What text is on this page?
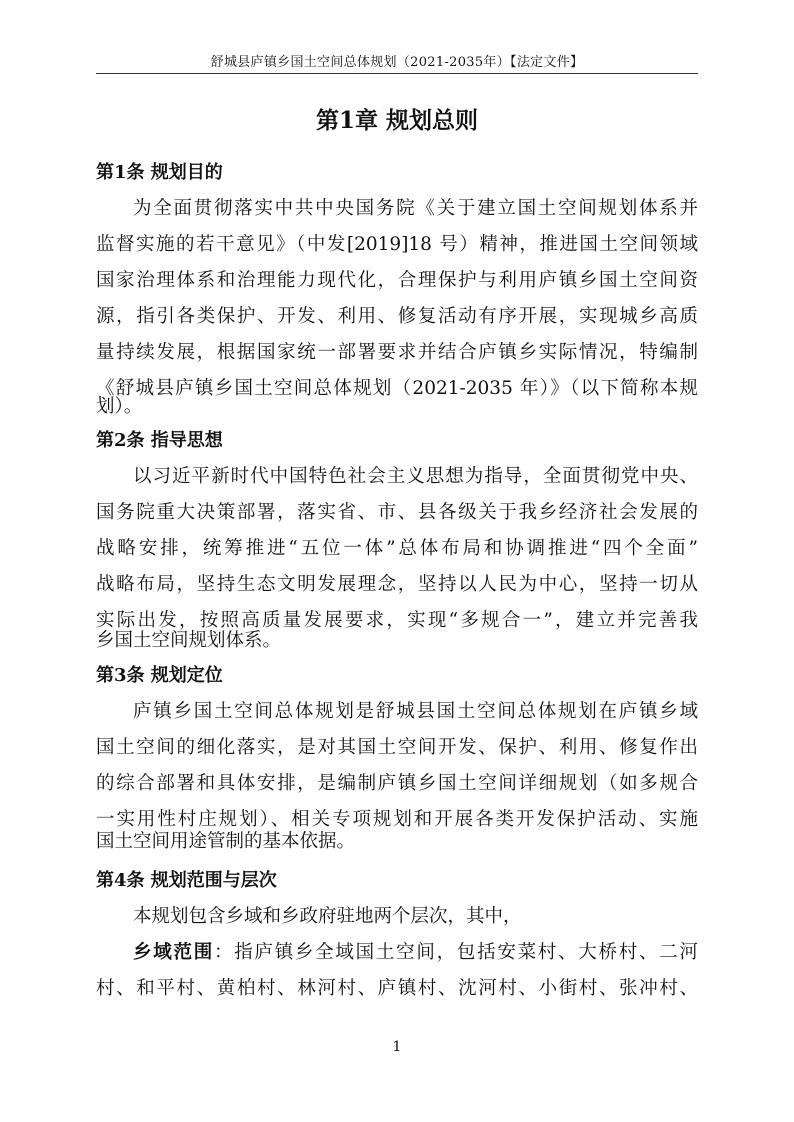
舒城县庐镇乡国土空间总体规划（2021-2035年）【法定文件】
第1章 规划总则
第1条 规划目的
为全面贯彻落实中共中央国务院《关于建立国土空间规划体系并
监督实施的若干意见》（中发[2019]18 号）精神，推进国土空间领域
国家治理体系和治理能力现代化，合理保护与利用庐镇乡国土空间资
源，指引各类保护、开发、利用、修复活动有序开展，实现城乡高质
量持续发展，根据国家统一部署要求并结合庐镇乡实际情况，特编制
《舒城县庐镇乡国土空间总体规划（2021-2035 年）》（以下简称本规
划）。
第2条 指导思想
以习近平新时代中国特色社会主义思想为指导，全面贯彻党中央、
国务院重大决策部署，落实省、市、县各级关于我乡经济社会发展的
战略安排，统筹推进“五位一体”总体布局和协调推进“四个全面”
战略布局，坚持生态文明发展理念，坚持以人民为中心，坚持一切从
实际出发，按照高质量发展要求，实现“多规合一”，建立并完善我
乡国土空间规划体系。
第3条 规划定位
庐镇乡国土空间总体规划是舒城县国土空间总体规划在庐镇乡域
国土空间的细化落实，是对其国土空间开发、保护、利用、修复作出
的综合部署和具体安排，是编制庐镇乡国土空间详细规划（如多规合
一实用性村庄规划）、相关专项规划和开展各类开发保护活动、实施
国土空间用途管制的基本依据。
第4条 规划范围与层次
本规划包含乡域和乡政府驻地两个层次，其中，
乡域范围：指庐镇乡全域国土空间，包括安菜村、大桥村、二河
村、和平村、黄柏村、林河村、庐镇村、沈河村、小街村、张冲村、
1
